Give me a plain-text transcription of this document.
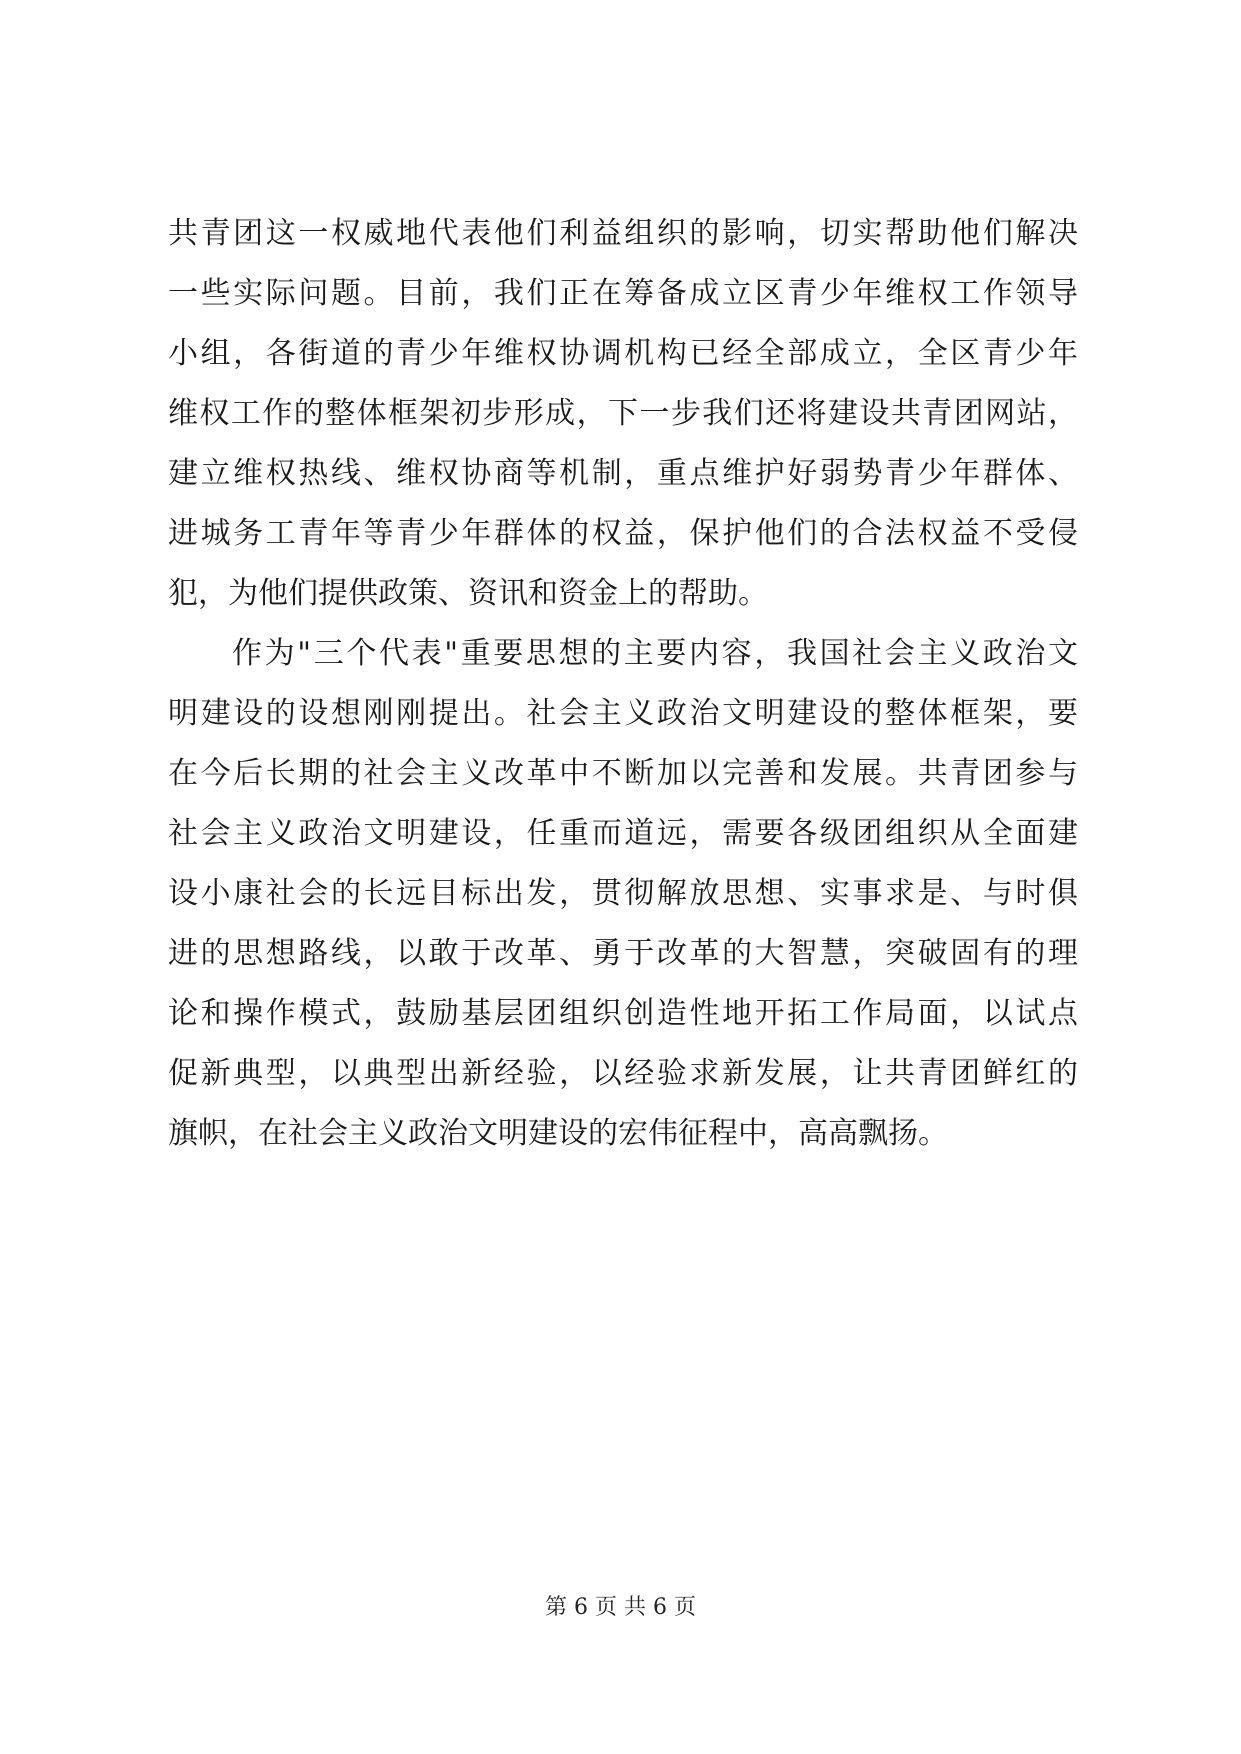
共青团这一权威地代表他们利益组织的影响，切实帮助他们解决
一些实际问题。目前，我们正在筹备成立区青少年维权工作领导
小组，各街道的青少年维权协调机构已经全部成立，全区青少年
维权工作的整体框架初步形成，下一步我们还将建设共青团网站，
建立维权热线、维权协商等机制，重点维护好弱势青少年群体、
进城务工青年等青少年群体的权益，保护他们的合法权益不受侵
犯，为他们提供政策、资讯和资金上的帮助。
作为"三个代表"重要思想的主要内容，我国社会主义政治文
明建设的设想刚刚提出。社会主义政治文明建设的整体框架，要
在今后长期的社会主义改革中不断加以完善和发展。共青团参与
社会主义政治文明建设，任重而道远，需要各级团组织从全面建
设小康社会的长远目标出发，贯彻解放思想、实事求是、与时俱
进的思想路线，以敢于改革、勇于改革的大智慧，突破固有的理
论和操作模式，鼓励基层团组织创造性地开拓工作局面，以试点
促新典型，以典型出新经验，以经验求新发展，让共青团鲜红的
旗帜，在社会主义政治文明建设的宏伟征程中，高高飘扬。
第 6 页 共 6 页
